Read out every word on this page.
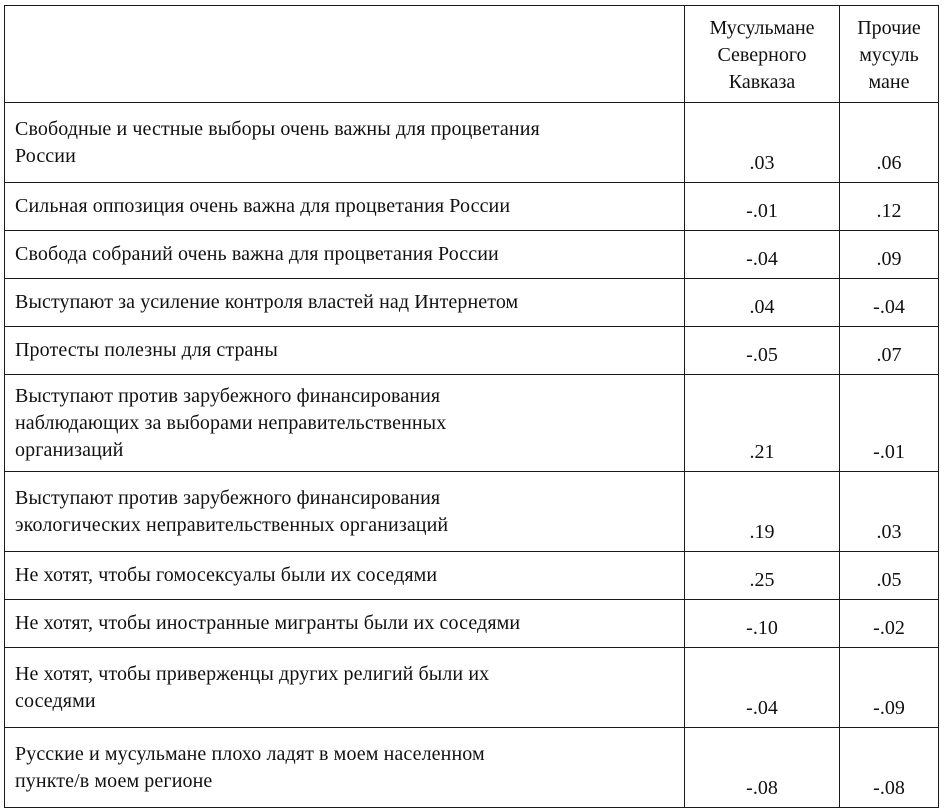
	Мусульмане
Северного
Кавказа	Прочие
мусуль
мане

Свободные и честные выборы очень важны для процветания
России	.03	.06
Сильная оппозиция очень важна для процветания России	-.01	.12
Свобода собраний очень важна для процветания России	-.04	.09
Выступают за усиление контроля властей над Интернетом	.04	-.04
Протесты полезны для страны	-.05	.07
Выступают против зарубежного финансирования
наблюдающих за выборами неправительственных
организаций	.21	-.01
Выступают против зарубежного финансирования
экологических неправительственных организаций	.19	.03
Не хотят, чтобы гомосексуалы были их соседями	.25	.05
Не хотят, чтобы иностранные мигранты были их соседями	-.10	-.02
Не хотят, чтобы приверженцы других религий были их
соседями	-.04	-.09
Русские и мусульмане плохо ладят в моем населенном
пункте/в моем регионе	-.08	-.08
